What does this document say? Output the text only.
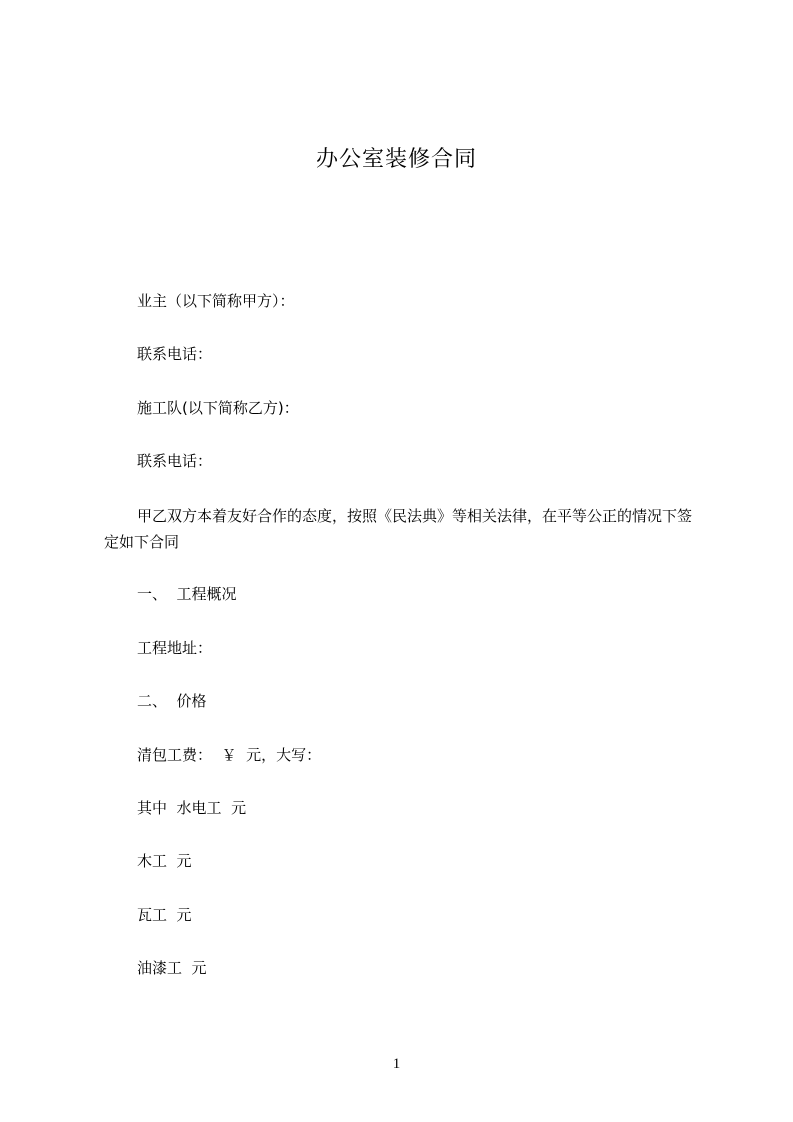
办公室装修合同
业主（以下简称甲方）：
联系电话：
施工队(以下简称乙方)：
联系电话：
甲乙双方本着友好合作的态度，按照《民法典》等相关法律，在平等公正的情况下签定如下合同
一、  工程概况
工程地址：
二、  价格
清包工费：  ￥  元，大写：
其中  水电工  元
木工  元
瓦工  元
油漆工  元
1
